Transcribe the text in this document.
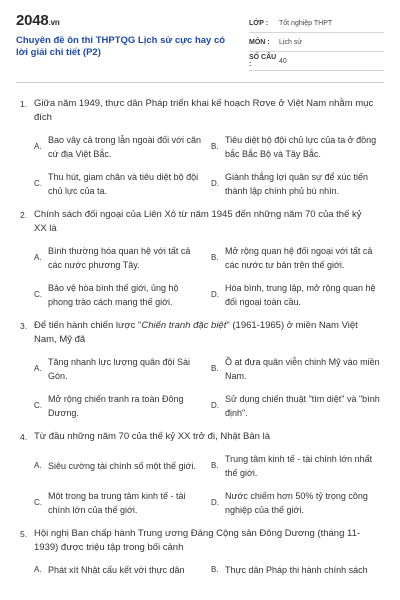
2048.vn
Chuyên đề ôn thi THPTQG Lịch sử cực hay có lời giải chi tiết (P2)
LỚP :	Tốt nghiệp THPT
MÔN :	Lịch sử
SỐ CÂU :	40
1. Giữa năm 1949, thực dân Pháp triển khai kế hoạch Rơve ở Việt Nam nhằm mục đích
A.
Bao vây cả trong lẫn ngoài đối với căn cứ địa Việt Bắc.
B.
Tiêu diệt bộ đội chủ lực của ta ở đồng bắc Bắc Bộ và Tây Bắc.
C.
Thu hút, giam chân và tiêu diệt bộ đội chủ lực của ta.
D.
Giành thắng lợi quân sự để xúc tiến thành lập chính phủ bù nhìn.
2. Chính sách đối ngoại của Liên Xô từ năm 1945 đến những năm 70 của thế kỷ XX là
A.
Bình thường hóa quan hệ với tất cả các nước phương Tây.
B.
Mở rộng quan hệ đối ngoại với tất cả các nước tư bản trên thế giới.
C.
Bảo vệ hòa bình thế giới, ủng hộ phong trào cách mạng thế giới.
D.
Hòa bình, trung lập, mở rộng quan hệ đối ngoại toàn cầu.
3. Để tiến hành chiến lược "Chiến tranh đặc biệt" (1961-1965) ở miền Nam Việt Nam, Mỹ đã
A.
Tăng nhanh lực lượng quân đội Sài Gòn.
B.
Ồ ạt đưa quân viễn chinh Mỹ vào miền Nam.
C.
Mở rộng chiến tranh ra toàn Đông Dương.
D.
Sử dụng chiến thuật "tìm diệt" và "bình định".
4. Từ đầu những năm 70 của thế kỷ XX trở đi, Nhật Bản là
A. Siêu cường tài chính số một thế giới.	B.
Trung tâm kinh tế - tài chính lớn nhất thế giới.
C.
Một trong ba trung tâm kinh tế - tài chính lớn của thế giới.
D.
Nước chiếm hơn 50% tỷ trọng công nghiệp của thế giới.
5. Hội nghị Ban chấp hành Trung ương Đảng Cộng sản Đông Dương (tháng 11-1939) được triệu tập trong bối cảnh
A. Phát xít Nhật cấu kết với thực dân	B. Thực dân Pháp thi hành chính sách
